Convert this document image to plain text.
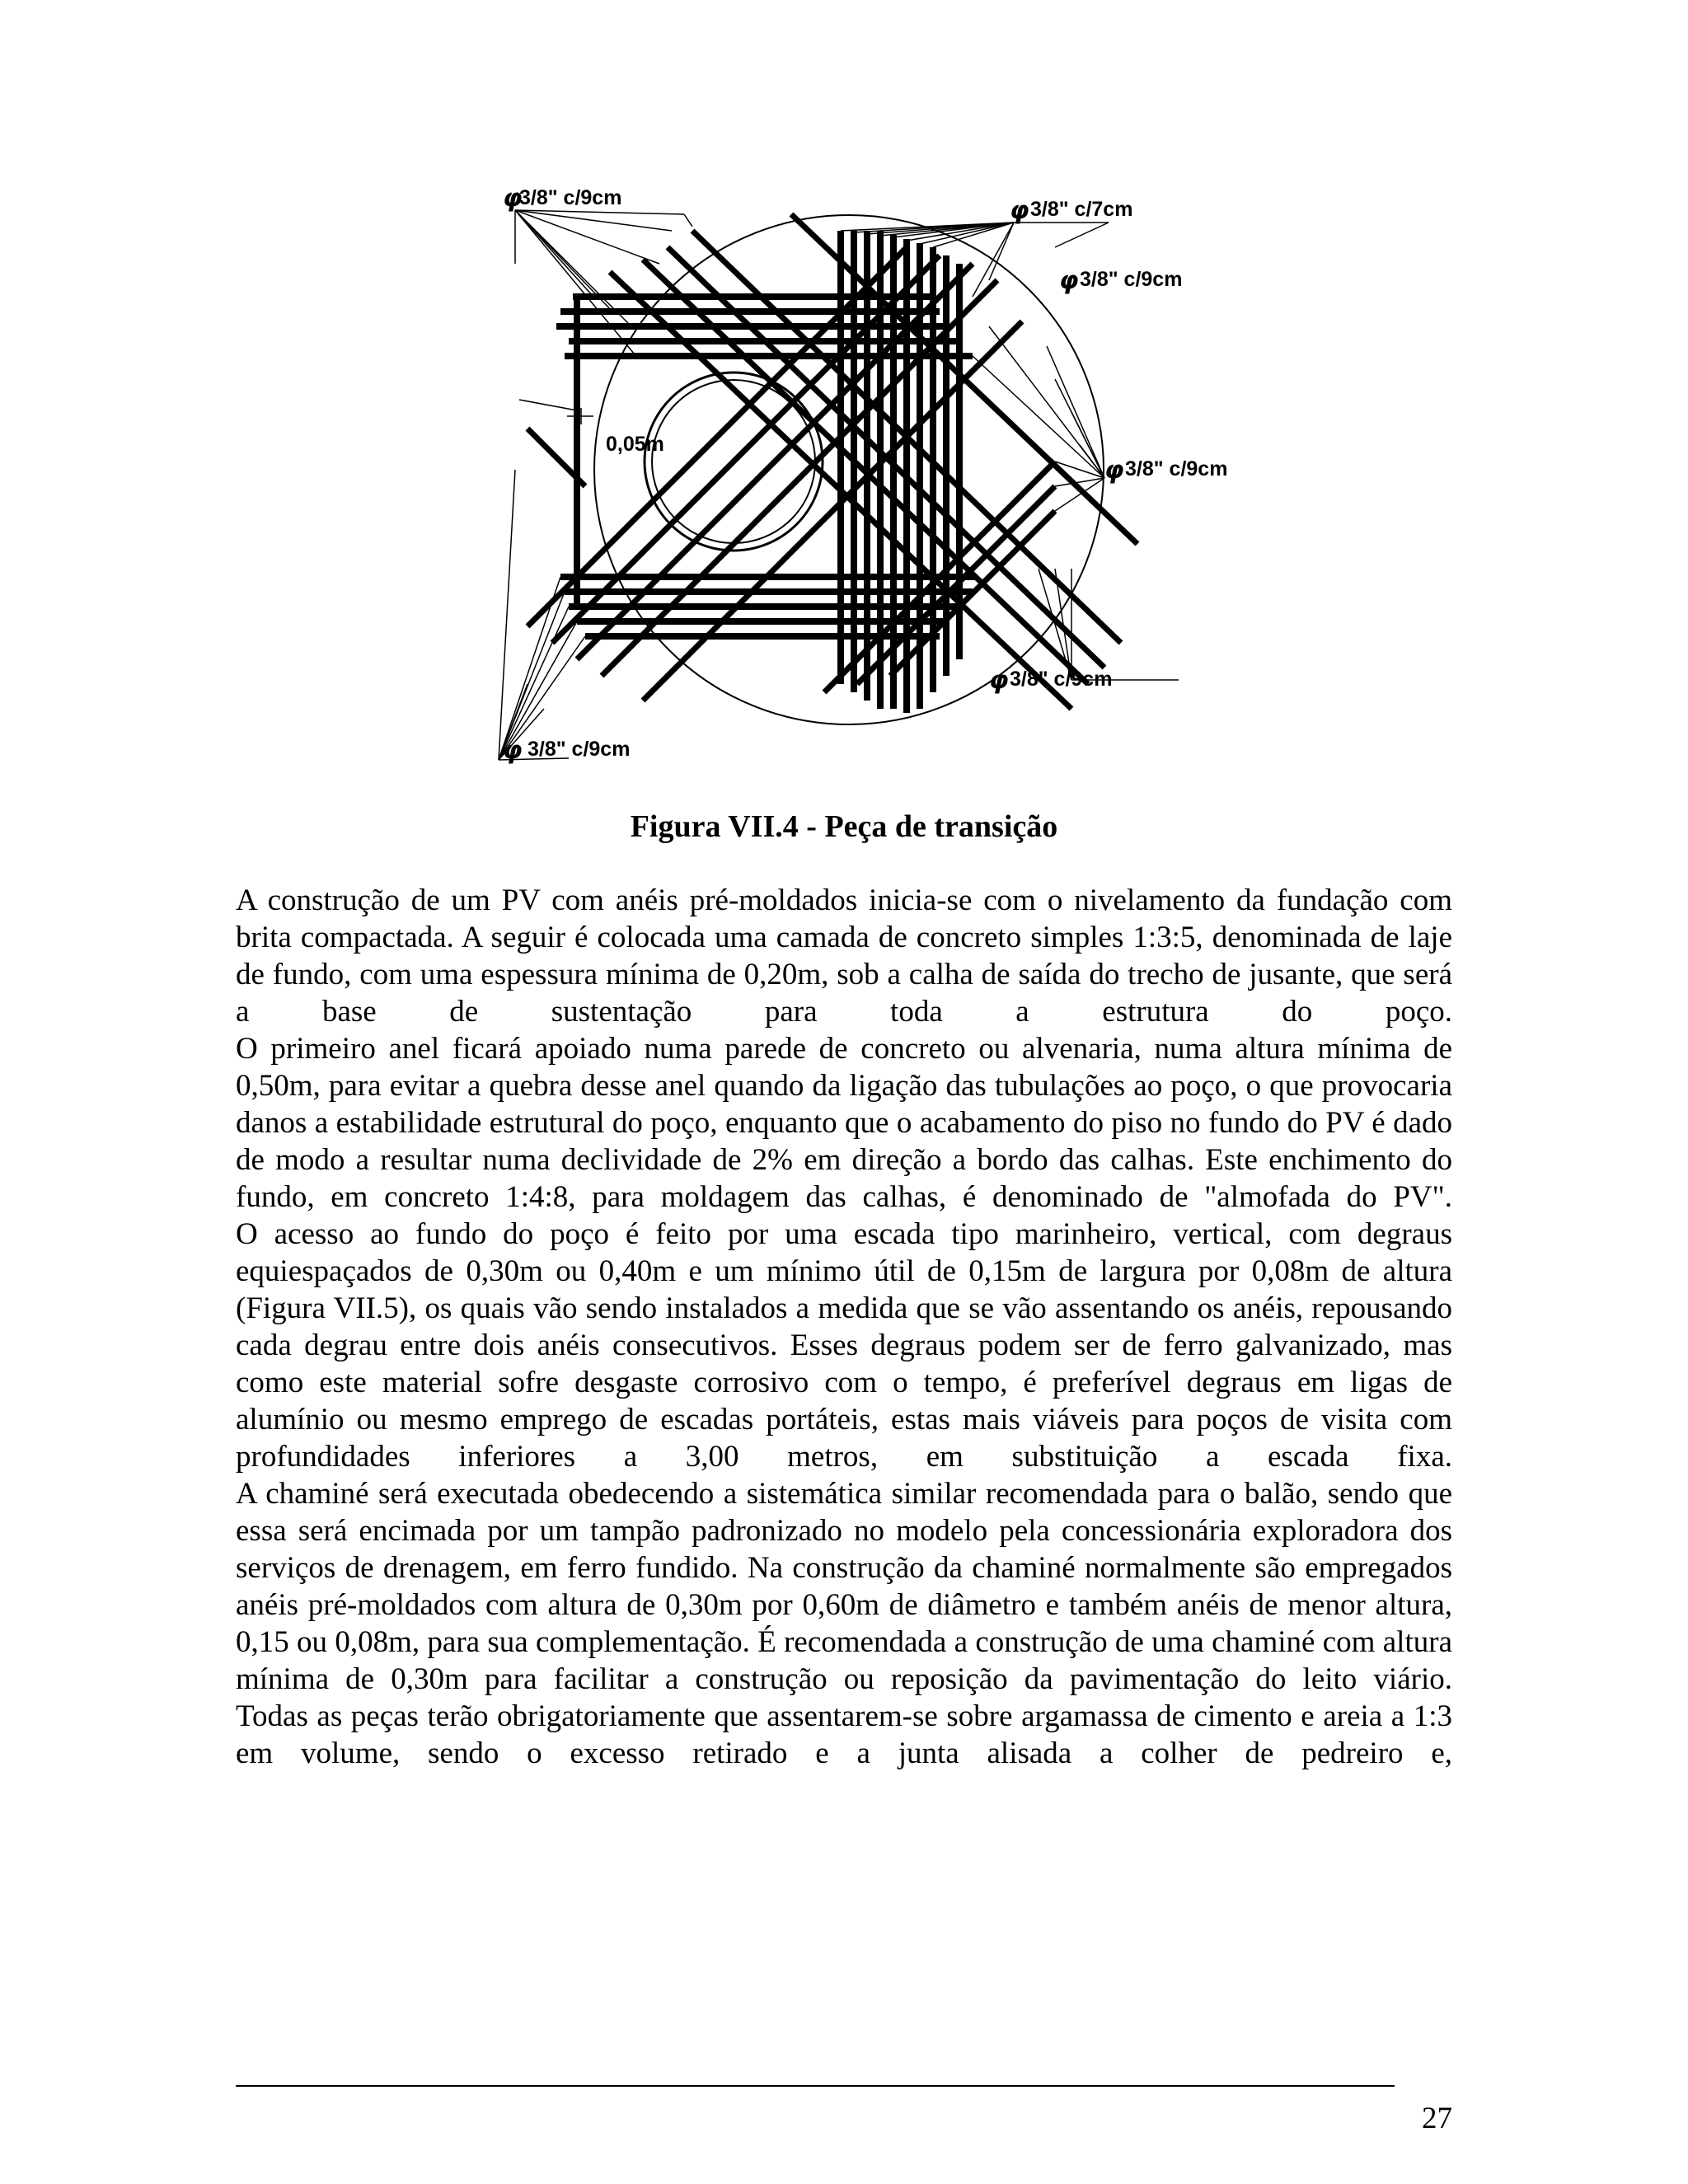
φ
3/8" c/9cm	φ 3/8" c/7cm
φ 3/8" c/9cm
φ 3/8" c/9cm
φ 3/8" c/9cm
φ 3/8" c/9cm
0,05m
Figura VII.4 - Peça de transição

A construção de um PV com anéis pré-moldados inicia-se com o nivelamento da fundação com brita compactada. A seguir é colocada uma camada de concreto simples 1:3:5, denominada de laje de fundo, com uma espessura mínima de 0,20m, sob a calha de saída do trecho de jusante, que será a base de sustentação para toda a estrutura do poço.

O primeiro anel ficará apoiado numa parede de concreto ou alvenaria, numa altura mínima de 0,50m, para evitar a quebra desse anel quando da ligação das tubulações ao poço, o que provocaria danos a estabilidade estrutural do poço, enquanto que o acabamento do piso no fundo do PV é dado de modo a resultar numa declividade de 2% em direção a bordo das calhas. Este enchimento do fundo, em concreto 1:4:8, para moldagem das calhas, é denominado de "almofada do PV".

O acesso ao fundo do poço é feito por uma escada tipo marinheiro, vertical, com degraus equiespaçados de 0,30m ou 0,40m e um mínimo útil de 0,15m de largura por 0,08m de altura (Figura VII.5), os quais vão sendo instalados a medida que se vão assentando os anéis, repousando cada degrau entre dois anéis consecutivos. Esses degraus podem ser de ferro galvanizado, mas como este material sofre desgaste corrosivo com o tempo, é preferível degraus em ligas de alumínio ou mesmo emprego de escadas portáteis, estas mais viáveis para poços de visita com profundidades inferiores a 3,00 metros, em substituição a escada fixa.

A chaminé será executada obedecendo a sistemática similar recomendada para o balão, sendo que essa será encimada por um tampão padronizado no modelo pela concessionária exploradora dos serviços de drenagem, em ferro fundido. Na construção da chaminé normalmente são empregados anéis pré-moldados com altura de 0,30m por 0,60m de diâmetro e também anéis de menor altura, 0,15 ou 0,08m, para sua complementação. É recomendada a construção de uma chaminé com altura mínima de 0,30m para facilitar a construção ou reposição da pavimentação do leito viário.

Todas as peças terão obrigatoriamente que assentarem-se sobre argamassa de cimento e areia a 1:3 em volume, sendo o excesso retirado e a junta alisada a colher de pedreiro e,

27
